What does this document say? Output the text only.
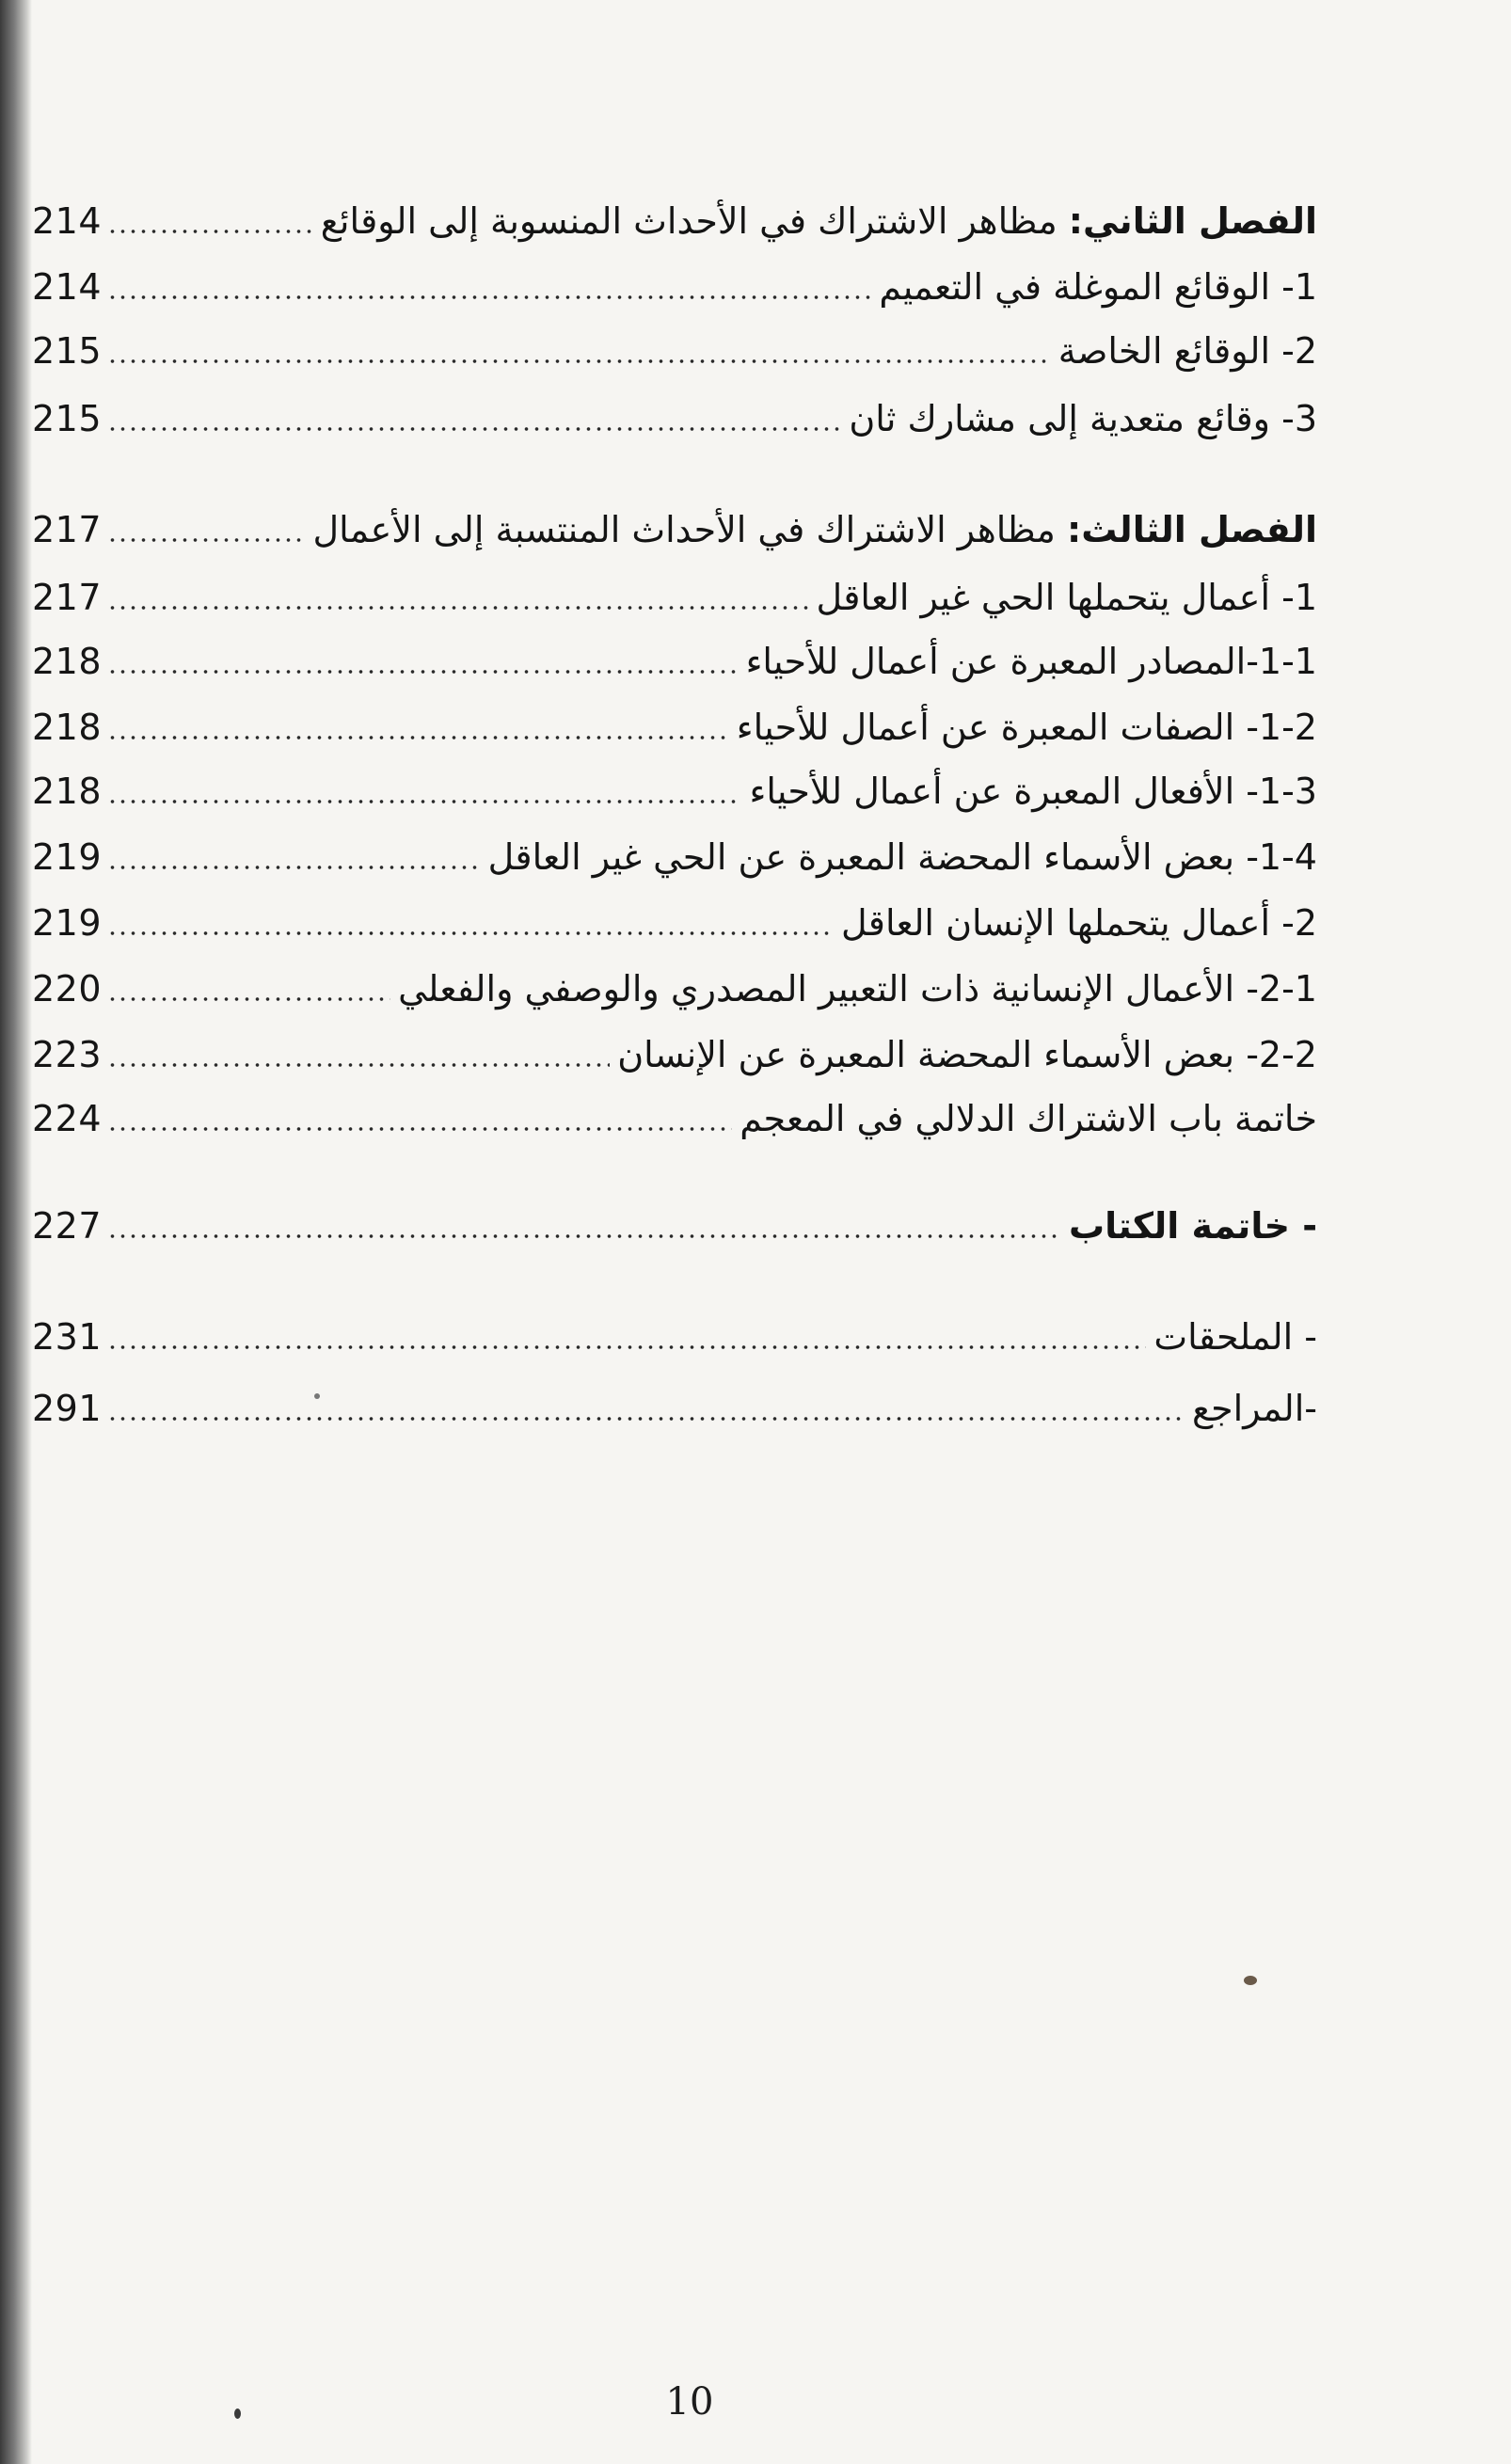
214	الفصل الثاني: مظاهر الاشتراك في الأحداث المنسوبة إلى الوقائع
214	1- الوقائع الموغلة في التعميم
215	2- الوقائع الخاصة
215	3- وقائع متعدية إلى مشارك ثان
217	الفصل الثالث: مظاهر الاشتراك في الأحداث المنتسبة إلى الأعمال
217	1- أعمال يتحملها الحي غير العاقل
218	1-1-المصادر المعبرة عن أعمال للأحياء
218	1-2- الصفات المعبرة عن أعمال للأحياء
218	1-3- الأفعال المعبرة عن أعمال للأحياء
219	1-4- بعض الأسماء المحضة المعبرة عن الحي غير العاقل
219	2- أعمال يتحملها الإنسان العاقل
220	2-1- الأعمال الإنسانية ذات التعبير المصدري والوصفي والفعلي
223	2-2- بعض الأسماء المحضة المعبرة عن الإنسان
224	خاتمة باب الاشتراك الدلالي في المعجم
227	- خاتمة الكتاب
231	- الملحقات
291	-المراجع
10
